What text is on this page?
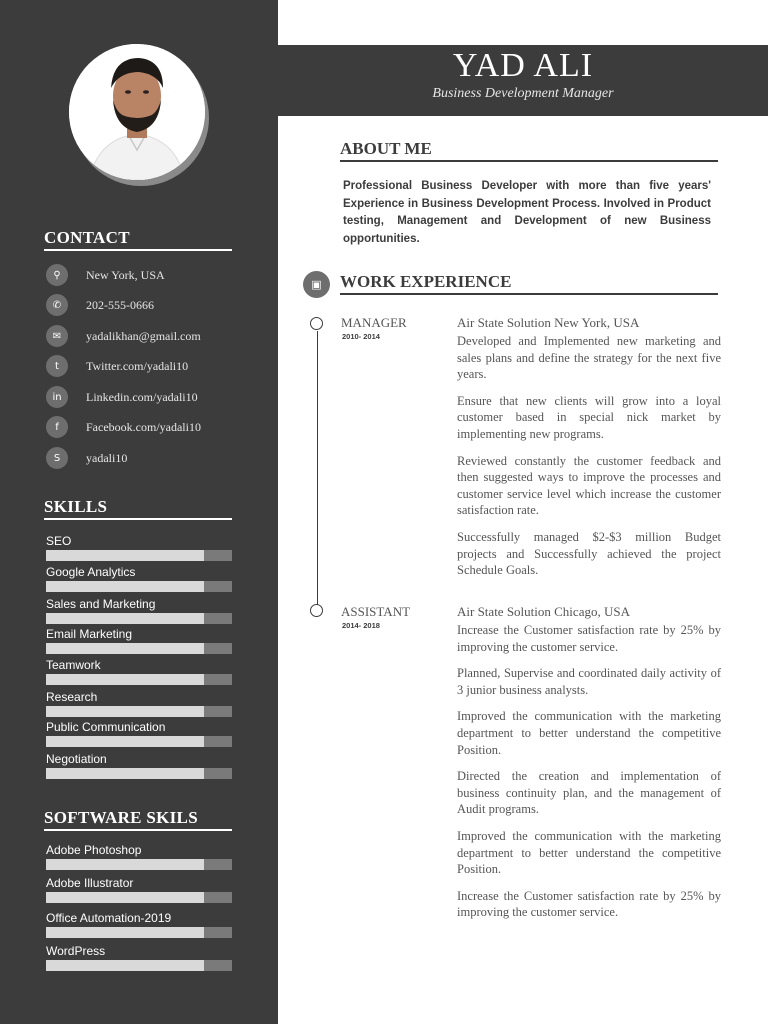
CONTACT
⚲	New York, USA
✆	202-555-0666
✉	yadalikhan@gmail.com
t	Twitter.com/yadali10
in	Linkedin.com/yadali10
f	Facebook.com/yadali10
S	yadali10
SKILLS
SEO
Google Analytics
Sales and Marketing
Email Marketing
Teamwork
Research
Public Communication
Negotiation
SOFTWARE SKILS
Adobe Photoshop
Adobe Illustrator
Office Automation-2019
WordPress
YAD ALI
Business Development Manager
ABOUT ME
Professional Business Developer with more than five years' Experience in Business Development Process. Involved in Product testing, Management and Development of new Business opportunities.
▣	WORK EXPERIENCE
MANAGER
2010- 2014
Air State Solution New York, USA

Developed and Implemented new marketing and sales plans and define the strategy for the next five years.

Ensure that new clients will grow into a loyal customer based in special nick market by implementing new programs.

Reviewed constantly the customer feedback and then suggested ways to improve the processes and customer service level which increase the customer satisfaction rate.

Successfully managed $2-$3 million Budget projects and Successfully achieved the project Schedule Goals.

ASSISTANT
2014- 2018
Air State Solution Chicago, USA

Increase the Customer satisfaction rate by 25% by improving the customer service.

Planned, Supervise and coordinated daily activity of 3 junior business analysts.

Improved the communication with the marketing department to better understand the competitive Position.

Directed the creation and implementation of business continuity plan, and the management of Audit programs.

Improved the communication with the marketing department to better understand the competitive Position.

Increase the Customer satisfaction rate by 25% by improving the customer service.
